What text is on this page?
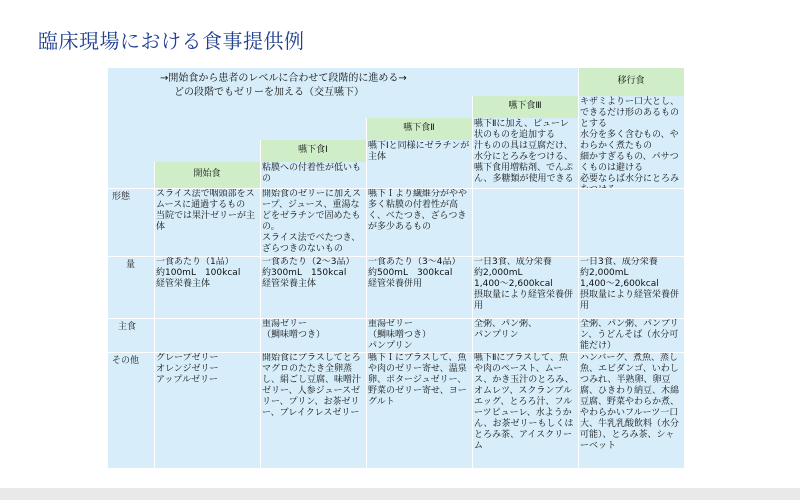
臨床現場における食事提供例
→開始食から患者のレベルに合わせて段階的に進める→
どの段階でもゼリーを加える（交互嚥下）
移行食
キザミよりー口大とし、できるだけ形のあるものとする
水分を多く含むもの、やわらかく煮たもの
細かすぎるもの、パサつくものは避ける
必要ならば水分にとろみ
嚥下食Ⅲ
嚥下Ⅱに加え、ピューレ状のものを追加する
汁ものの具は豆腐だけ、水分にとろみをつける、嚥下食用増粘剤、でんぷん、多糖類が使用できる
嚥下食Ⅱ
嚥下Ⅰと同様にゼラチンが主体
嚥下食Ⅰ
粘膜への付着性が低いもの
開始食
形態
量
主食
その他
スライス法で咽頭部をスムースに通過するもの
当院では果汁ゼリーが主体
開始食のゼリーに加えスープ、ジュース、重湯などをゼラチンで固めたもの。
スライス法でべたつき、ざらつきのないもの
嚥下Ｉより繊維分がやや多く粘膜の付着性が高く、べたつき、ざらつきが多少あるもの
一食あたり（1品）
約100mL　100kcal
経管栄養主体
一食あたり（2～3品）
約300mL　150kcal
経管栄養主体
一食あたり（3～4品）
約500mL　300kcal
経管栄養併用
一日3食、成分栄養
約2,000mL
1,400～2,600kcal
摂取量により経管栄養併用
一日3食、成分栄養
約2,000mL
1,400～2,600kcal
摂取量により経管栄養併用
重湯ゼリー
（鯛味噌つき）
重湯ゼリー
（鯛味噌つき）
パンプリン
全粥、パン粥、
パンプリン
全粥、パン粥、パンプリン、うどんそば（水分可能だけ）
グレープゼリー
オレンジゼリー
アップルゼリー
開始食にプラスしてとろマグロのたたき全卵蒸し、絹ごし豆腐、味噌汁ゼリー、人参ジュースゼリー、プリン、お茶ゼリー、ブレイクレスゼリー
嚥下Ｉにプラスして、魚や肉のゼリー寄せ、温泉卵、ポタージュゼリー、野菜のゼリー寄せ、ヨーグルト
嚥下Ⅱにプラスして、魚や肉のペースト、ムース、かき玉汁のとろみ、オムレツ、スクランブルエッグ、とろろ汁、フルーツピューレ、水ようかん、お茶ゼリーもしくはとろみ茶、アイスクリーム
ハンバーグ、煮魚、蒸し魚、エビダンゴ、いわしつみれ、半熟卵、卵豆腐、ひきわり納豆、木綿豆腐、野菜やわらか煮、やわらかいフルーツ一口大、牛乳乳酸飲料（水分可能）、とろみ茶、シャーベット
